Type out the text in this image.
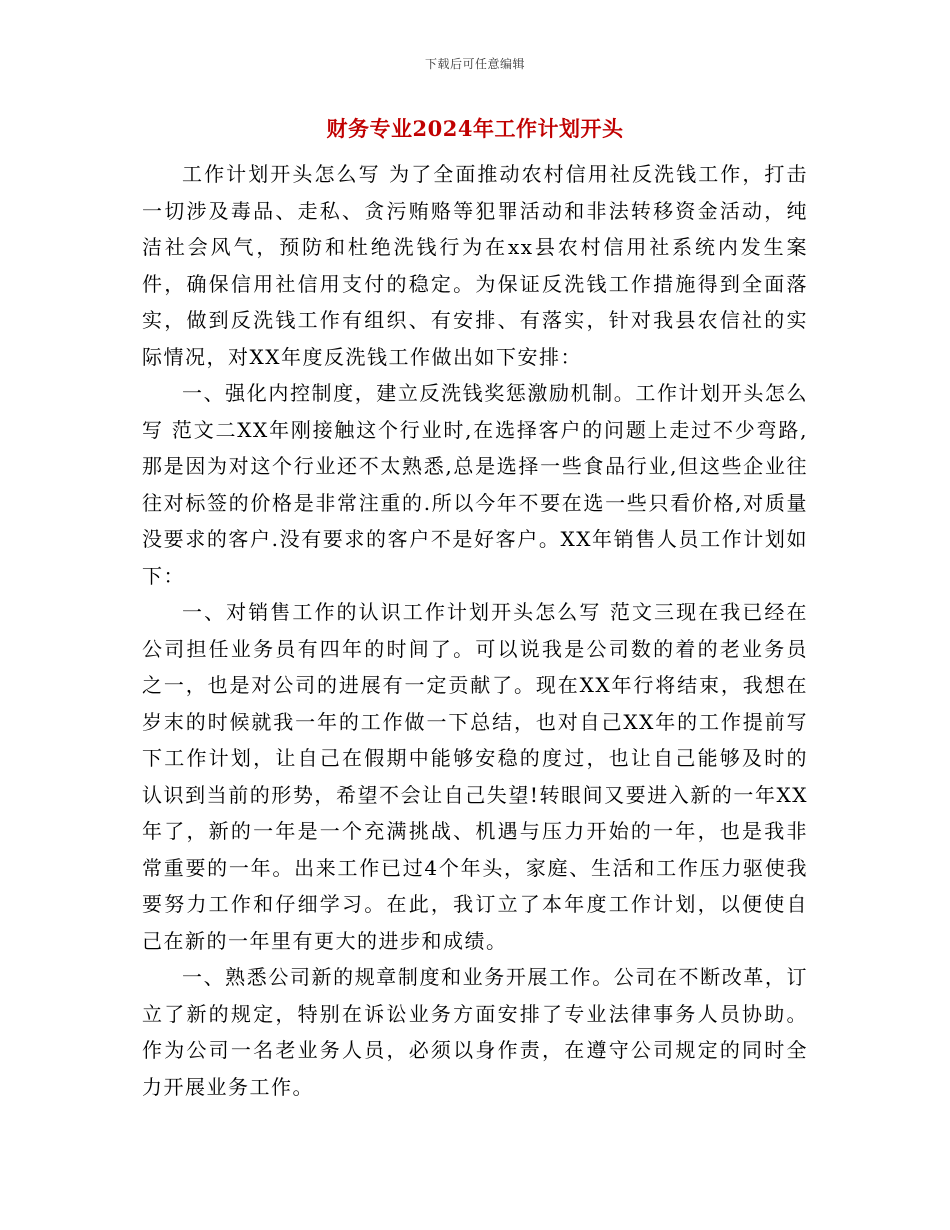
下载后可任意编辑
财务专业2024年工作计划开头

工作计划开头怎么写 为了全面推动农村信用社反洗钱工作，打击一切涉及毒品、走私、贪污贿赂等犯罪活动和非法转移资金活动，纯洁社会风气，预防和杜绝洗钱行为在xx县农村信用社系统内发生案件，确保信用社信用支付的稳定。为保证反洗钱工作措施得到全面落实，做到反洗钱工作有组织、有安排、有落实，针对我县农信社的实际情况，对XX年度反洗钱工作做出如下安排：

一、强化内控制度，建立反洗钱奖惩激励机制。工作计划开头怎么写 范文二XX年刚接触这个行业时,在选择客户的问题上走过不少弯路,那是因为对这个行业还不太熟悉,总是选择一些食品行业,但这些企业往往对标签的价格是非常注重的.所以今年不要在选一些只看价格,对质量没要求的客户.没有要求的客户不是好客户。XX年销售人员工作计划如下：

一、对销售工作的认识工作计划开头怎么写 范文三现在我已经在公司担任业务员有四年的时间了。可以说我是公司数的着的老业务员之一，也是对公司的进展有一定贡献了。现在XX年行将结束，我想在岁末的时候就我一年的工作做一下总结，也对自己XX年的工作提前写下工作计划，让自己在假期中能够安稳的度过，也让自己能够及时的认识到当前的形势，希望不会让自己失望!转眼间又要进入新的一年XX年了，新的一年是一个充满挑战、机遇与压力开始的一年，也是我非常重要的一年。出来工作已过4个年头，家庭、生活和工作压力驱使我要努力工作和仔细学习。在此，我订立了本年度工作计划，以便使自己在新的一年里有更大的进步和成绩。

一、熟悉公司新的规章制度和业务开展工作。公司在不断改革，订立了新的规定，特别在诉讼业务方面安排了专业法律事务人员协助。作为公司一名老业务人员，必须以身作责，在遵守公司规定的同时全力开展业务工作。
